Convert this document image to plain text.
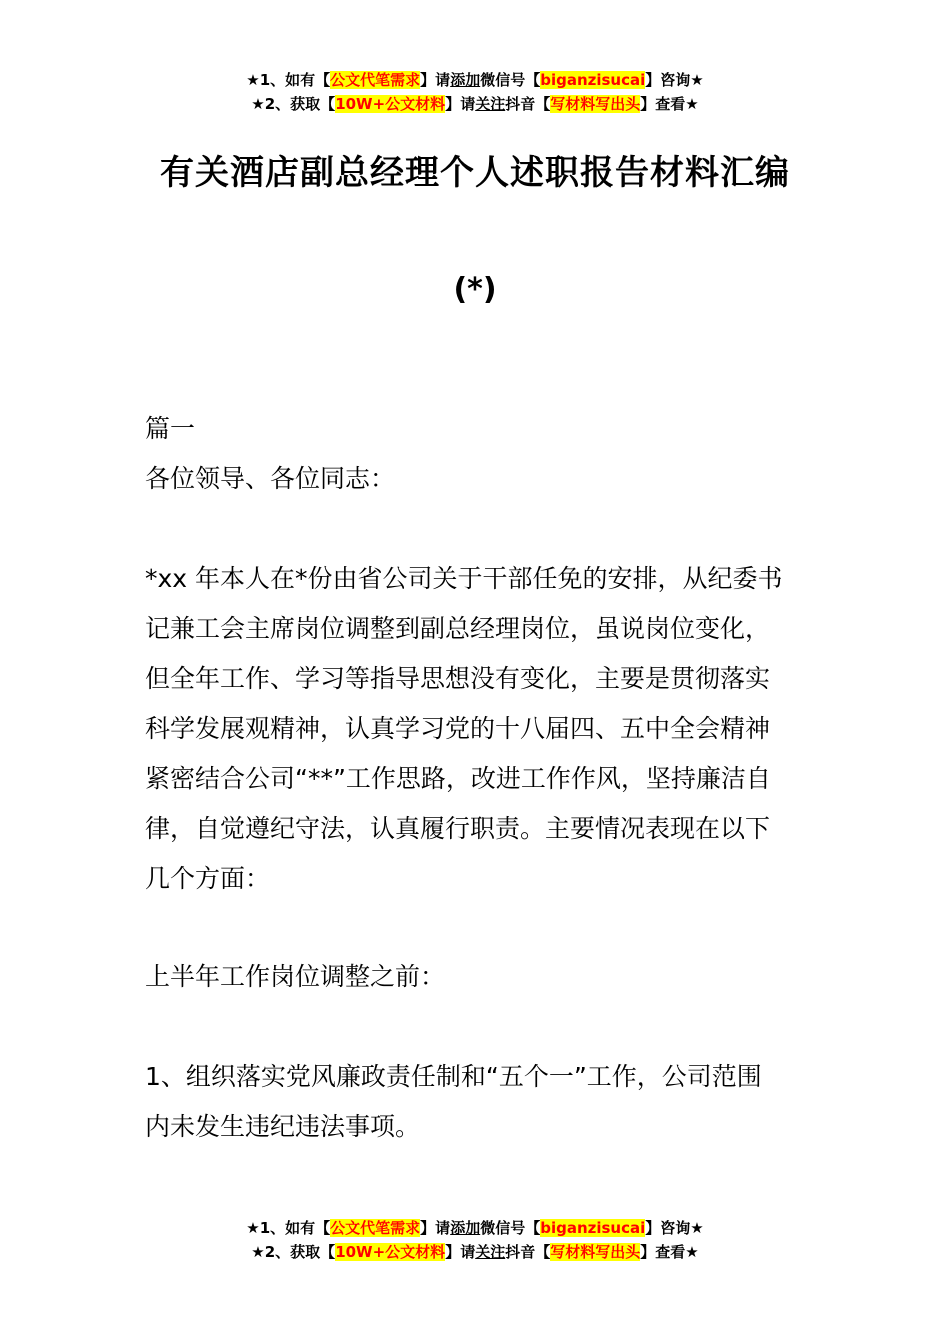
★1、如有【公文代笔需求】请添加微信号【biganzisucai】咨询★
★2、获取【10W+公文材料】请关注抖音【写材料写出头】查看★
有关酒店副总经理个人述职报告材料汇编
(*)
篇一
各位领导、各位同志：
*xx 年本人在*份由省公司关于干部任免的安排，从纪委书
记兼工会主席岗位调整到副总经理岗位，虽说岗位变化，
但全年工作、学习等指导思想没有变化，主要是贯彻落实
科学发展观精神，认真学习党的十八届四、五中全会精神
紧密结合公司“**”工作思路，改进工作作风，坚持廉洁自
律，自觉遵纪守法，认真履行职责。主要情况表现在以下
几个方面：
上半年工作岗位调整之前：
1、组织落实党风廉政责任制和“五个一”工作，公司范围
内未发生违纪违法事项。
★1、如有【公文代笔需求】请添加微信号【biganzisucai】咨询★
★2、获取【10W+公文材料】请关注抖音【写材料写出头】查看★
